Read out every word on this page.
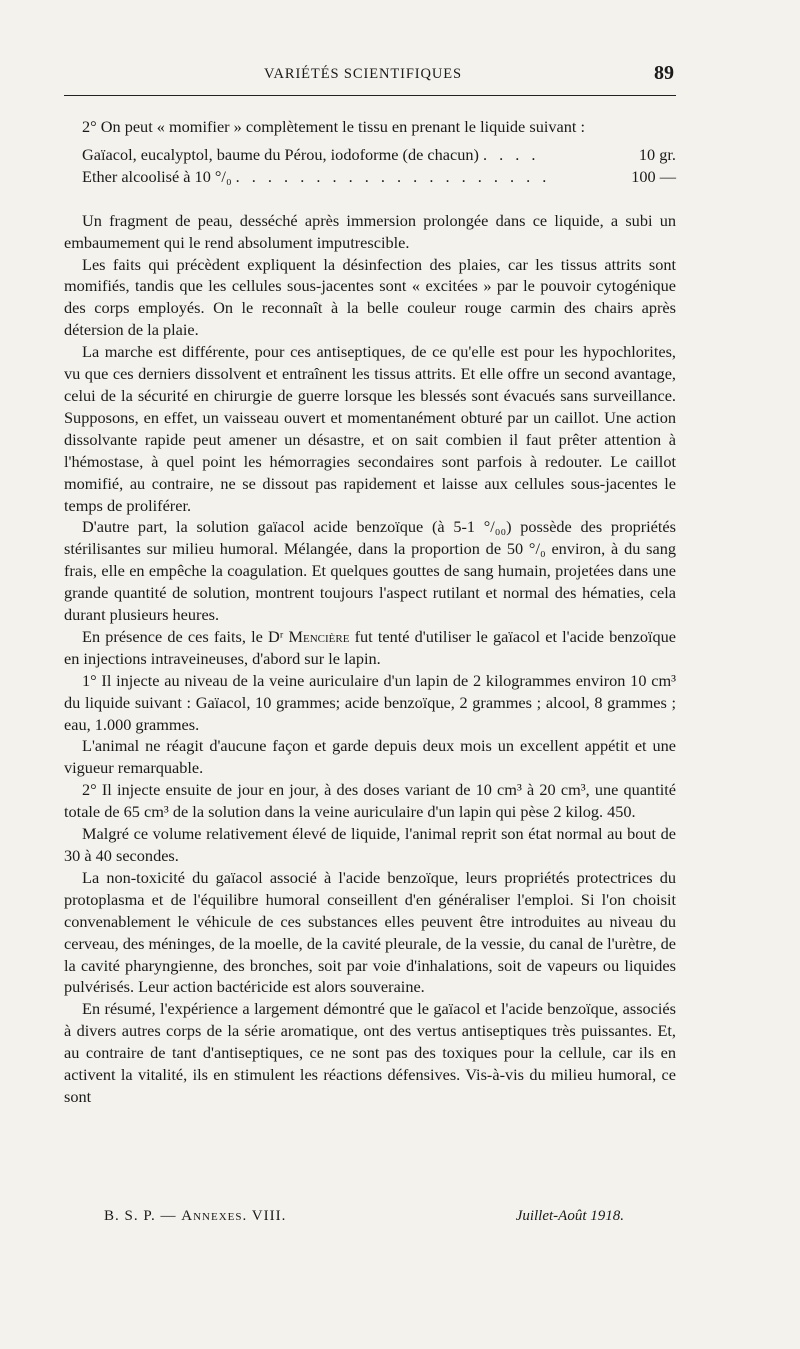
VARIÉTÉS SCIENTIFIQUES	89

2° On peut « momifier » complètement le tissu en prenant le liquide suivant :

Gaïacol, eucalyptol, baume du Pérou, iodoforme (de chacun) . . . .	10 gr.
Ether alcoolisé à 10 °/₀ . . . . . . . . . . . . . . . . . . . .	100 —

Un fragment de peau, desséché après immersion prolongée dans ce liquide, a subi un embaumement qui le rend absolument imputrescible.

Les faits qui précèdent expliquent la désinfection des plaies, car les tissus attrits sont momifiés, tandis que les cellules sous-jacentes sont « excitées » par le pouvoir cytogénique des corps employés. On le reconnaît à la belle couleur rouge carmin des chairs après détersion de la plaie.

La marche est différente, pour ces antiseptiques, de ce qu'elle est pour les hypochlorites, vu que ces derniers dissolvent et entraînent les tissus attrits. Et elle offre un second avantage, celui de la sécurité en chirurgie de guerre lorsque les blessés sont évacués sans surveillance. Supposons, en effet, un vaisseau ouvert et momentanément obturé par un caillot. Une action dissolvante rapide peut amener un désastre, et on sait combien il faut prêter attention à l'hémostase, à quel point les hémorragies secondaires sont parfois à redouter. Le caillot momifié, au contraire, ne se dissout pas rapidement et laisse aux cellules sous-jacentes le temps de proliférer.

D'autre part, la solution gaïacol acide benzoïque (à 5-1 °/₀₀) possède des propriétés stérilisantes sur milieu humoral. Mélangée, dans la proportion de 50 °/₀ environ, à du sang frais, elle en empêche la coagulation. Et quelques gouttes de sang humain, projetées dans une grande quantité de solution, montrent toujours l'aspect rutilant et normal des hématies, cela durant plusieurs heures.

En présence de ces faits, le Dʳ Mencière fut tenté d'utiliser le gaïacol et l'acide benzoïque en injections intraveineuses, d'abord sur le lapin.

1° Il injecte au niveau de la veine auriculaire d'un lapin de 2 kilogrammes environ 10 cm³ du liquide suivant : Gaïacol, 10 grammes; acide benzoïque, 2 grammes ; alcool, 8 grammes ; eau, 1.000 grammes.

L'animal ne réagit d'aucune façon et garde depuis deux mois un excellent appétit et une vigueur remarquable.

2° Il injecte ensuite de jour en jour, à des doses variant de 10 cm³ à 20 cm³, une quantité totale de 65 cm³ de la solution dans la veine auriculaire d'un lapin qui pèse 2 kilog. 450.

Malgré ce volume relativement élevé de liquide, l'animal reprit son état normal au bout de 30 à 40 secondes.

La non-toxicité du gaïacol associé à l'acide benzoïque, leurs propriétés protectrices du protoplasma et de l'équilibre humoral conseillent d'en généraliser l'emploi. Si l'on choisit convenablement le véhicule de ces substances elles peuvent être introduites au niveau du cerveau, des méninges, de la moelle, de la cavité pleurale, de la vessie, du canal de l'urètre, de la cavité pharyngienne, des bronches, soit par voie d'inhalations, soit de vapeurs ou liquides pulvérisés. Leur action bactéricide est alors souveraine.

En résumé, l'expérience a largement démontré que le gaïacol et l'acide benzoïque, associés à divers autres corps de la série aromatique, ont des vertus antiseptiques très puissantes. Et, au contraire de tant d'antiseptiques, ce ne sont pas des toxiques pour la cellule, car ils en activent la vitalité, ils en stimulent les réactions défensives. Vis-à-vis du milieu humoral, ce sont

B. S. P. — Annexes. VIII.	Juillet-Août 1918.
